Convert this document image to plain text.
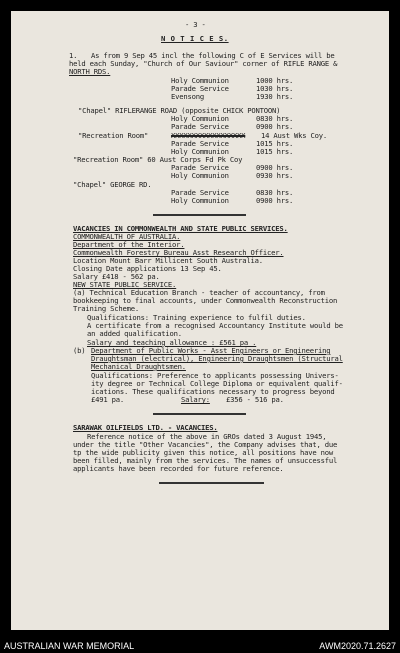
- 3 -
N O T I C E S.
1. As from 9 Sep 45 incl the following C of E Services will be
held each Sunday, "Church of Our Saviour" corner of RIFLE RANGE &
NORTH RDS.
Holy Communion	1000 hrs.
Parade Service	1030 hrs.
Evensong	1930 hrs.
"Chapel" RIFLERANGE ROAD (opposite CHICK PONTOON)
Holy Communion	0830 hrs.
Parade Service	0900 hrs.
"Recreation Room"	XXXXXXXXXXXXXXXXXX 14 Aust Wks Coy.
Parade Service	1015 hrs.
Holy Communion	1015 hrs.
"Recreation Room" 60 Aust Corps Fd Pk Coy
Parade Service	0900 hrs.
Holy Communion	0930 hrs.
"Chapel" GEORGE RD.
Parade Service	0830 hrs.
Holy Communion	0900 hrs.
VACANCIES IN COMMONWEALTH AND STATE PUBLIC SERVICES.
COMMONWEALTH OF AUSTRALIA.
Department of the Interior.
Commonwealth Forestry Bureau Asst Research Officer.
Location Mount Barr Millicent South Australia.
Closing Date applications 13 Sep 45.
Salary £418 - 562 pa.
NEW STATE PUBLIC SERVICE.
(a) Technical Education Branch - teacher of accountancy, from
bookkeeping to final accounts, under Commonwealth Reconstruction
Training Scheme.
Qualifications: Training experience to fulfil duties.
A certificate from a recognised Accountancy Institute would be
an added qualification.
Salary and teaching allowance : £561 pa .
(b) Department of Public Works - Asst Engineers or Engineering
Draughtsman (electrical), Engineering Draughtsmen (Structural
Mechanical Draughtsmen.
Qualifications: Preference to applicants possessing Univers-
ity degree or Technical College Diploma or equivalent qualif-
ications. These qualifications necessary to progress beyond
£491 pa.	Salary: £356 - 516 pa.
SARAWAK OILFIELDS LTD. - VACANCIES.
Reference notice of the above in GROs dated 3 August 1945,
under the title "Other Vacancies", the Company advises that, due
tp the wide publicity given this notice, all positions have now
been filled, mainly from the services. The names of unsuccessful
applicants have been recorded for future reference.
AUSTRALIAN WAR MEMORIAL	AWM2020.71.2627
